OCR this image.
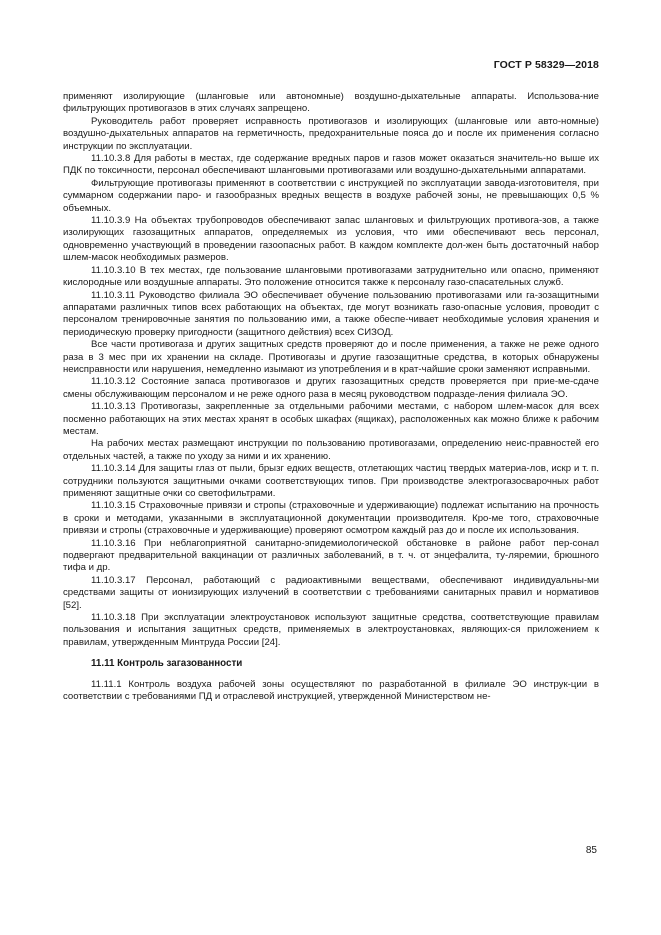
ГОСТ Р 58329—2018

применяют изолирующие (шланговые или автономные) воздушно-дыхательные аппараты. Использова-ние фильтрующих противогазов в этих случаях запрещено.

Руководитель работ проверяет исправность противогазов и изолирующих (шланговые или авто-номные) воздушно-дыхательных аппаратов на герметичность, предохранительные пояса до и после их применения согласно инструкции по эксплуатации.

11.10.3.8 Для работы в местах, где содержание вредных паров и газов может оказаться значитель-но выше их ПДК по токсичности, персонал обеспечивают шланговыми противогазами или воздушно-дыхательными аппаратами.

Фильтрующие противогазы применяют в соответствии с инструкцией по эксплуатации завода-изготовителя, при суммарном содержании паро- и газообразных вредных веществ в воздухе рабочей зоны, не превышающих 0,5 % объемных.

11.10.3.9 На объектах трубопроводов обеспечивают запас шланговых и фильтрующих противога-зов, а также изолирующих газозащитных аппаратов, определяемых из условия, что ими обеспечивают весь персонал, одновременно участвующий в проведении газоопасных работ. В каждом комплекте дол-жен быть достаточный набор шлем-масок необходимых размеров.

11.10.3.10 В тех местах, где пользование шланговыми противогазами затруднительно или опасно, применяют кислородные или воздушные аппараты. Это положение относится также к персоналу газо-спасательных служб.

11.10.3.11 Руководство филиала ЭО обеспечивает обучение пользованию противогазами или га-зозащитными аппаратами различных типов всех работающих на объектах, где могут возникать газо-опасные условия, проводит с персоналом тренировочные занятия по пользованию ими, а также обеспе-чивает необходимые условия хранения и периодическую проверку пригодности (защитного действия) всех СИЗОД.

Все части противогаза и других защитных средств проверяют до и после применения, а также не реже одного раза в 3 мес при их хранении на складе. Противогазы и другие газозащитные средства, в которых обнаружены неисправности или нарушения, немедленно изымают из употребления и в крат-чайшие сроки заменяют исправными.

11.10.3.12 Состояние запаса противогазов и других газозащитных средств проверяется при прие-ме-сдаче смены обслуживающим персоналом и не реже одного раза в месяц руководством подразде-ления филиала ЭО.

11.10.3.13 Противогазы, закрепленные за отдельными рабочими местами, с набором шлем-масок для всех посменно работающих на этих местах хранят в особых шкафах (ящиках), расположенных как можно ближе к рабочим местам.

На рабочих местах размещают инструкции по пользованию противогазами, определению неис-правностей его отдельных частей, а также по уходу за ними и их хранению.

11.10.3.14 Для защиты глаз от пыли, брызг едких веществ, отлетающих частиц твердых материа-лов, искр и т. п. сотрудники пользуются защитными очками соответствующих типов. При производстве электрогазосварочных работ применяют защитные очки со светофильтрами.

11.10.3.15 Страховочные привязи и стропы (страховочные и удерживающие) подлежат испытанию на прочность в сроки и методами, указанными в эксплуатационной документации производителя. Кро-ме того, страховочные привязи и стропы (страховочные и удерживающие) проверяют осмотром каждый раз до и после их использования.

11.10.3.16 При неблагоприятной санитарно-эпидемиологической обстановке в районе работ пер-сонал подвергают предварительной вакцинации от различных заболеваний, в т. ч. от энцефалита, ту-ляремии, брюшного тифа и др.

11.10.3.17 Персонал, работающий с радиоактивными веществами, обеспечивают индивидуальны-ми средствами защиты от ионизирующих излучений в соответствии с требованиями санитарных правил и нормативов [52].

11.10.3.18 При эксплуатации электроустановок используют защитные средства, соответствующие правилам пользования и испытания защитных средств, применяемых в электроустановках, являющих-ся приложением к правилам, утвержденным Минтруда России [24].

11.11 Контроль загазованности

11.11.1 Контроль воздуха рабочей зоны осуществляют по разработанной в филиале ЭО инструк-ции в соответствии с требованиями ПД и отраслевой инструкцией, утвержденной Министерством не-

85
